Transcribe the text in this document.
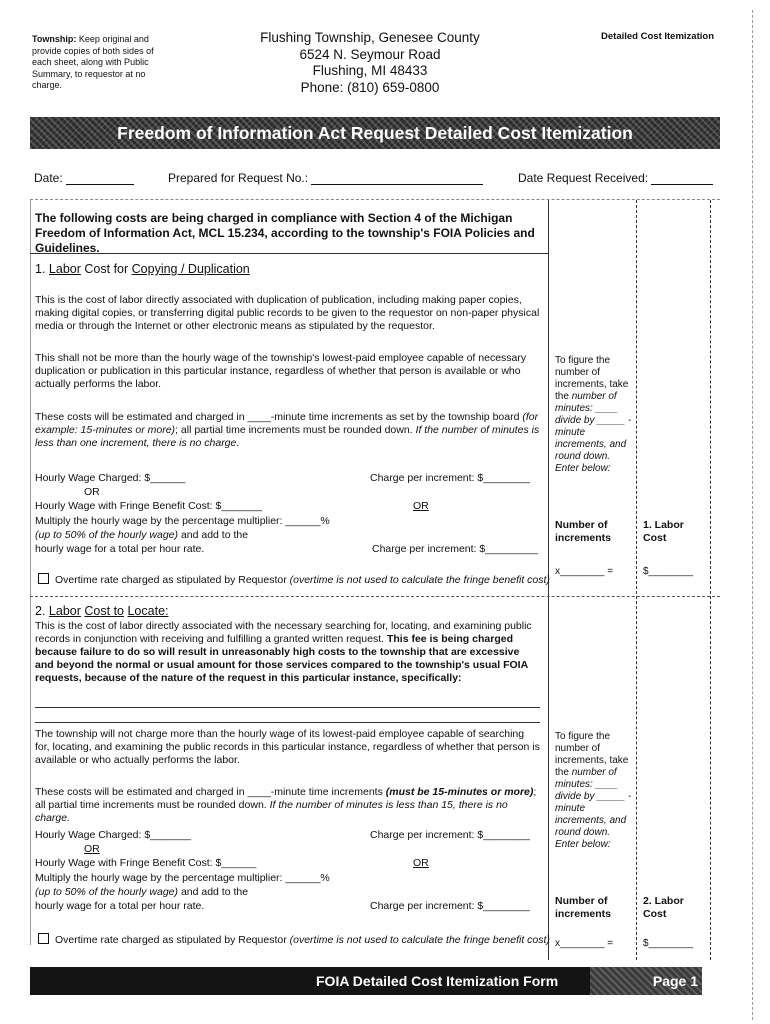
Township: Keep original and provide copies of both sides of each sheet, along with Public Summary, to requestor at no charge.
Flushing Township, Genesee County
6524 N. Seymour Road
Flushing, MI 48433
Phone: (810) 659-0800
Detailed Cost Itemization
Freedom of Information Act Request Detailed Cost Itemization
Date:	Prepared for Request No.:	Date Request Received:
The following costs are being charged in compliance with Section 4 of the Michigan Freedom of Information Act, MCL 15.234, according to the township's FOIA Policies and Guidelines.
1. Labor Cost for Copying / Duplication
This is the cost of labor directly associated with duplication of publication, including making paper copies, making digital copies, or transferring digital public records to be given to the requestor on non-paper physical media or through the Internet or other electronic means as stipulated by the requestor.
This shall not be more than the hourly wage of the township's lowest-paid employee capable of necessary duplication or publication in this particular instance, regardless of whether that person is available or who actually performs the labor.
These costs will be estimated and charged in ____-minute time increments as set by the township board (for example: 15-minutes or more); all partial time increments must be rounded down. If the number of minutes is less than one increment, there is no charge.
Hourly Wage Charged: $______
OR
Charge per increment: $________
Hourly Wage with Fringe Benefit Cost: $_______	OR
Multiply the hourly wage by the percentage multiplier: ______%
(up to 50% of the hourly wage) and add to the
hourly wage for a total per hour rate.	Charge per increment: $_________
Overtime rate charged as stipulated by Requestor (overtime is not used to calculate the fringe benefit cost)
To figure the number of increments, take the number of minutes: ____ divide by _____ -minute increments, and round down. Enter below:
Number of increments
1. Labor Cost
x________ =	$________
2. Labor Cost to Locate:
This is the cost of labor directly associated with the necessary searching for, locating, and examining public records in conjunction with receiving and fulfilling a granted written request. This fee is being charged because failure to do so will result in unreasonably high costs to the township that are excessive and beyond the normal or usual amount for those services compared to the township's usual FOIA requests, because of the nature of the request in this particular instance, specifically:
The township will not charge more than the hourly wage of its lowest-paid employee capable of searching for, locating, and examining the public records in this particular instance, regardless of whether that person is available or who actually performs the labor.
These costs will be estimated and charged in ____-minute time increments (must be 15-minutes or more); all partial time increments must be rounded down. If the number of minutes is less than 15, there is no charge.
Hourly Wage Charged: $_______
OR
Charge per increment: $________
Hourly Wage with Fringe Benefit Cost: $______	OR
Multiply the hourly wage by the percentage multiplier: ______%
(up to 50% of the hourly wage) and add to the
hourly wage for a total per hour rate.	Charge per increment: $________
Overtime rate charged as stipulated by Requestor (overtime is not used to calculate the fringe benefit cost)
To figure the number of increments, take the number of minutes: ____ divide by _____ -minute increments, and round down. Enter below:
Number of increments
2. Labor Cost
x________ =	$________
FOIA Detailed Cost Itemization Form	Page 1
